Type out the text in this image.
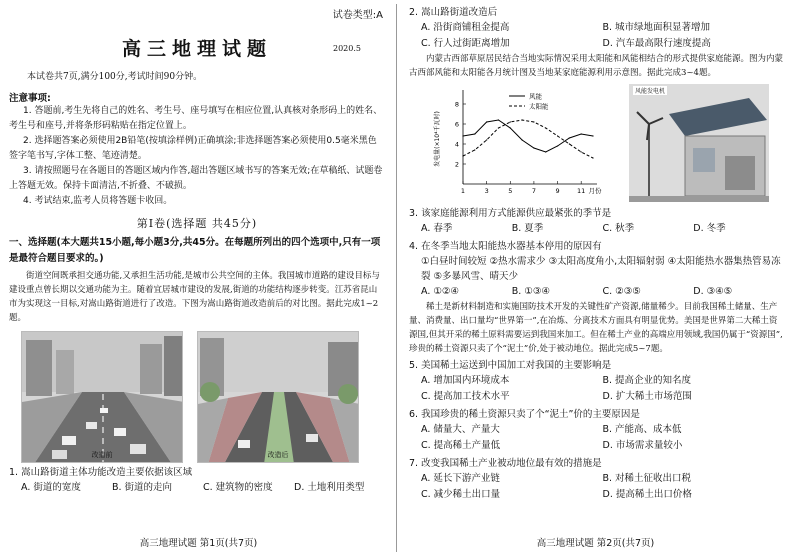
试卷类型:A
高三地理试题	2020.5
本试卷共7页,满分100分,考试时间90分钟。
注意事项:
1. 答题前,考生先将自己的姓名、考生号、座号填写在相应位置,认真核对条形码上的姓名、考生号和座号,并将条形码粘贴在指定位置上。
2. 选择题答案必须使用2B铅笔(按填涂样例)正确填涂;非选择题答案必须使用0.5毫米黑色签字笔书写,字体工整、笔迹清楚。
3. 请按照题号在各题目的答题区域内作答,超出答题区域书写的答案无效;在草稿纸、试题卷上答题无效。保持卡面清洁,不折叠、不破损。
4. 考试结束,监考人员将答题卡收回。
第Ⅰ卷(选择题 共45分)
一、选择题(本大题共15小题,每小题3分,共45分。在每题所列出的四个选项中,只有一项是最符合题目要求的。)
街道空间既承担交通功能,又承担生活功能,是城市公共空间的主体。我国城市道路的建设目标与建设重点曾长期以交通功能为主。随着宜居城市建设的发展,街道的功能结构逐步转变。江苏省昆山市为实现这一目标,对嵩山路街道进行了改造。下图为嵩山路街道改造前后的对比图。据此完成1~2题。
改造前	改造后
1. 嵩山路街道主体功能改造主要依据该区域
A. 街道的宽度	B. 街道的走向	C. 建筑物的密度	D. 土地利用类型
高三地理试题 第1页(共7页)
2. 嵩山路街道改造后
A. 沿街商铺租金提高	B. 城市绿地面积显著增加
C. 行人过街距离增加	D. 汽车最高限行速度提高
内蒙古西部草原居民结合当地实际情况采用太阳能和风能相结合的形式提供家庭能源。图为内蒙古西部风能和太阳能各月统计图及当地某家庭能源利用示意图。据此完成3~4题。
2
4
6
8
1	3	5	7	9	11 月份
发电量(×10⁴千瓦时)
风能
太阳能
风能发电机
3. 该家庭能源利用方式能源供应最紧张的季节是
A. 春季	B. 夏季	C. 秋季	D. 冬季
4. 在冬季当地太阳能热水器基本停用的原因有
①白昼时间较短 ②热水需求少 ③太阳高度角小,太阳辐射弱 ④太阳能热水器集热管易冻裂 ⑤多暴风雪、晴天少
A. ①②④	B. ①③④	C. ②③⑤	D. ③④⑤
稀土是新材料制造和实施国防技术开发的关键性矿产资源,储量稀少。目前我国稀土储量、生产量、消费量、出口量均“世界第一”,在冶炼、分离技术方面具有明显优势。美国是世界第二大稀土资源国,但其开采的稀土原料需要运到我国来加工。但在稀土产业的高端应用领域,我国仍属于“资源国”,珍贵的稀土资源只卖了个“泥土”价,处于被动地位。据此完成5~7题。
5. 美国稀土运送到中国加工对我国的主要影响是
A. 增加国内环境成本	B. 提高企业的知名度
C. 提高加工技术水平	D. 扩大稀土市场范围
6. 我国珍贵的稀土资源只卖了个“泥土”价的主要原因是
A. 储量大、产量大	B. 产能高、成本低
C. 提高稀土产量低	D. 市场需求量较小
7. 改变我国稀土产业被动地位最有效的措施是
A. 延长下游产业链	B. 对稀土征收出口税
C. 减少稀土出口量	D. 提高稀土出口价格
高三地理试题 第2页(共7页)
